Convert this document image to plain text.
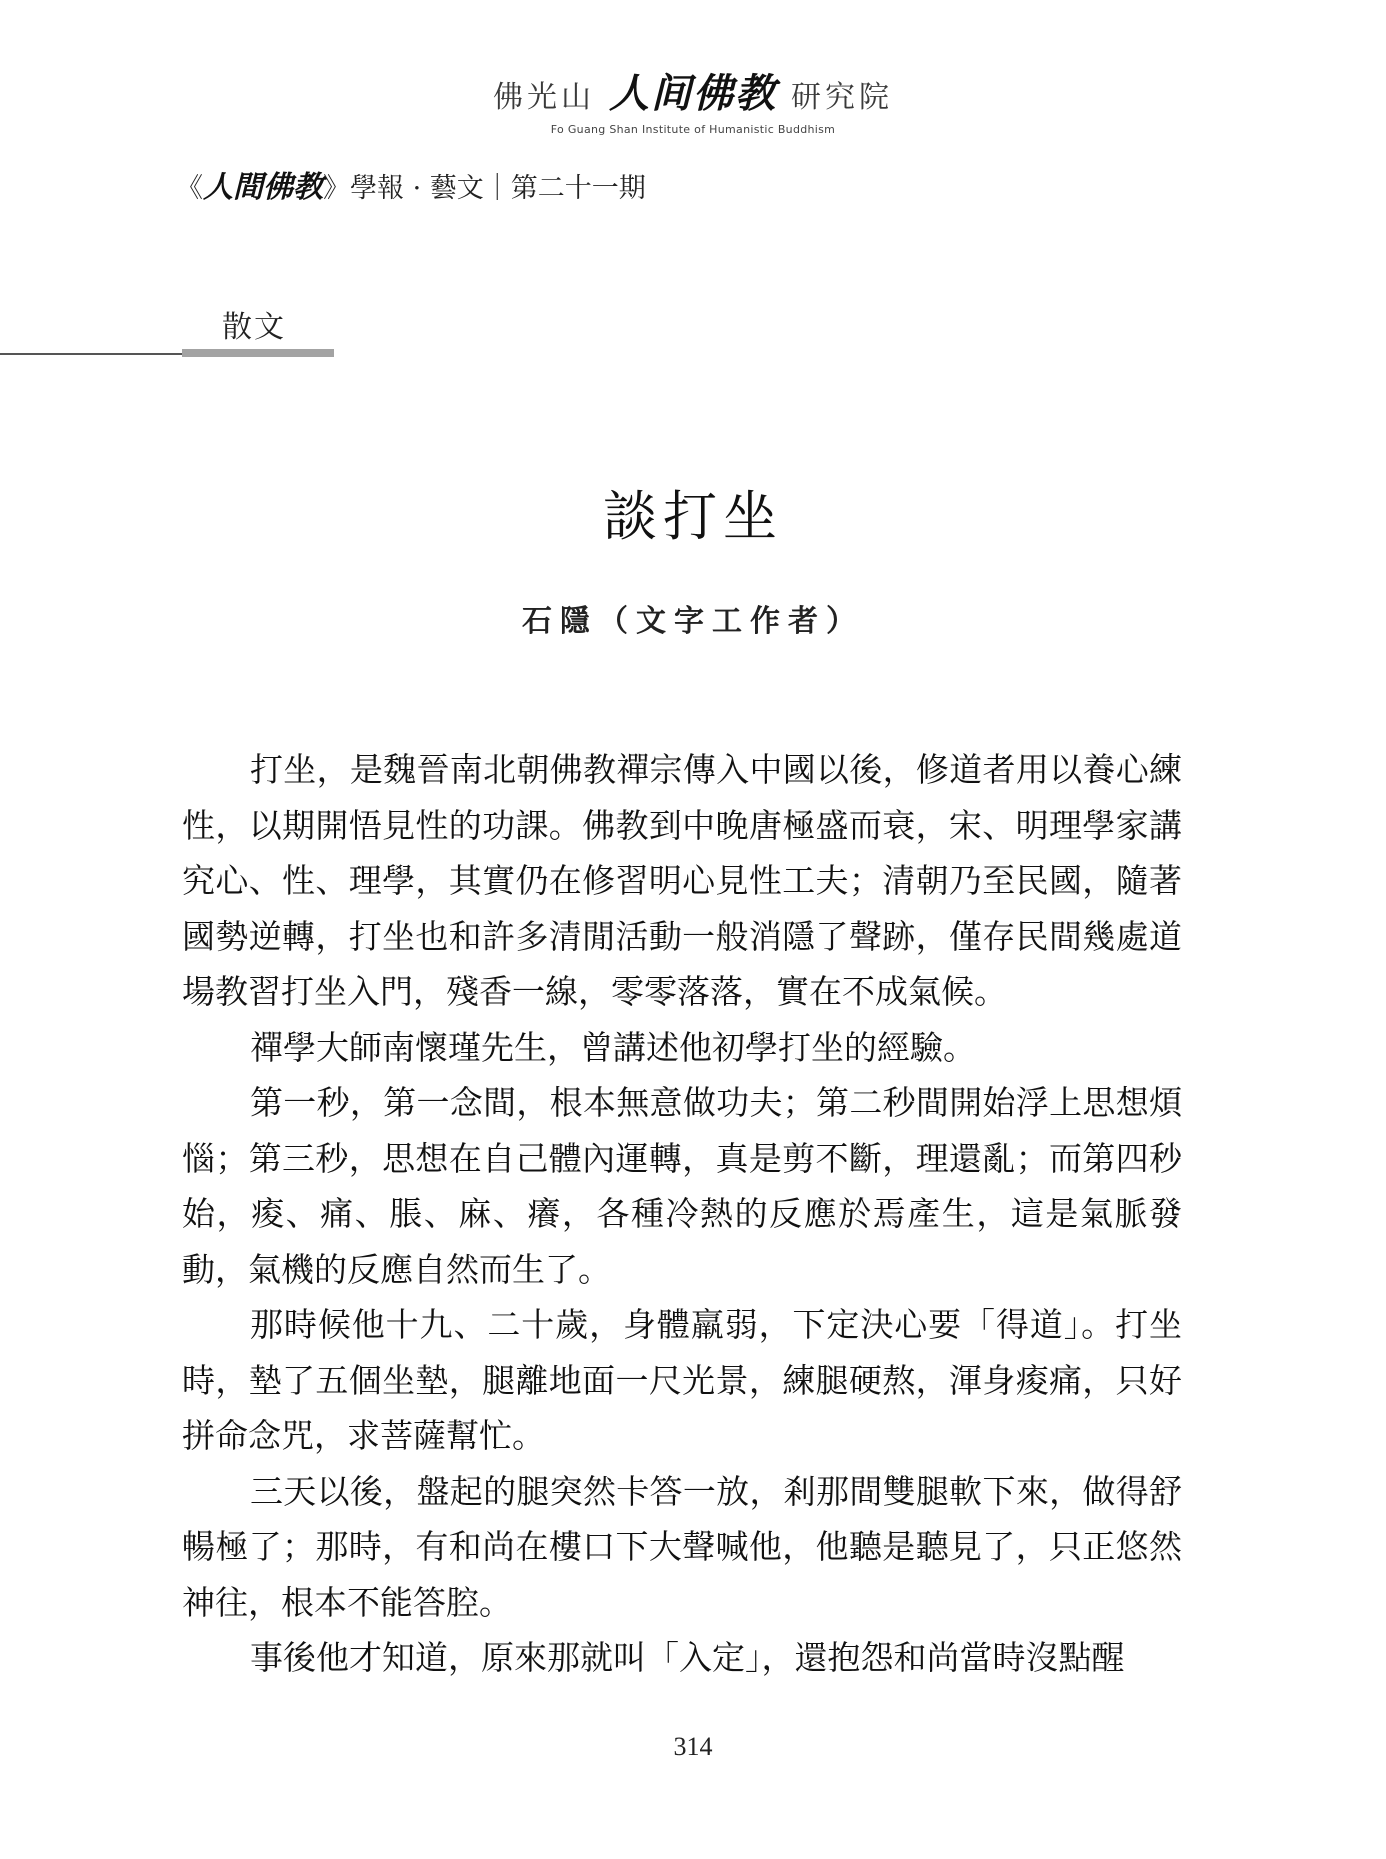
佛光山 人间佛教 研究院
Fo Guang Shan Institute of Humanistic Buddhism
《人間佛教》學報 · 藝文｜第二十一期
散文
談打坐
石隱（文字工作者）

打坐，是魏晉南北朝佛教禪宗傳入中國以後，修道者用以養心練性，以期開悟見性的功課。佛教到中晚唐極盛而衰，宋、明理學家講究心、性、理學，其實仍在修習明心見性工夫；清朝乃至民國，隨著國勢逆轉，打坐也和許多清閒活動一般消隱了聲跡，僅存民間幾處道場教習打坐入門，殘香一線，零零落落，實在不成氣候。

禪學大師南懷瑾先生，曾講述他初學打坐的經驗。

第一秒，第一念間，根本無意做功夫；第二秒間開始浮上思想煩惱；第三秒，思想在自己體內運轉，真是剪不斷，理還亂；而第四秒始，痠、痛、脹、麻、癢，各種冷熱的反應於焉產生，這是氣脈發動，氣機的反應自然而生了。

那時候他十九、二十歲，身體羸弱，下定決心要「得道」。打坐時，墊了五個坐墊，腿離地面一尺光景，練腿硬熬，渾身痠痛，只好拼命念咒，求菩薩幫忙。

三天以後，盤起的腿突然卡答一放，剎那間雙腿軟下來，做得舒暢極了；那時，有和尚在樓口下大聲喊他，他聽是聽見了，只正悠然神往，根本不能答腔。

事後他才知道，原來那就叫「入定」，還抱怨和尚當時沒點醒

314
